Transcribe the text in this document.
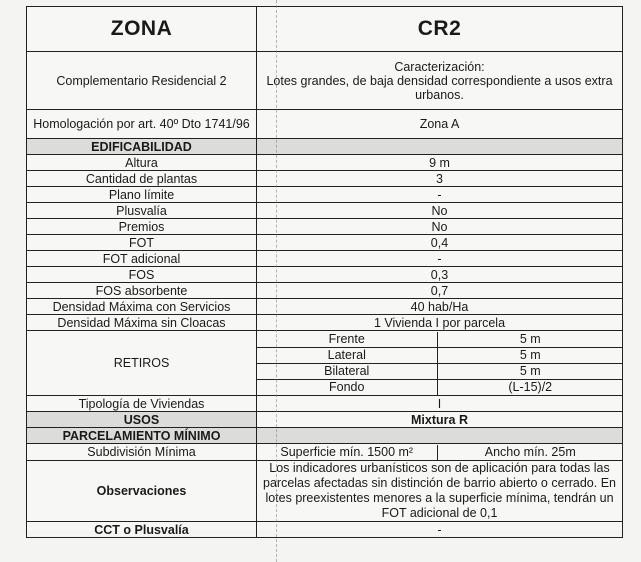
ZONA	CR2
Complementario Residencial 2	Caracterización:
Lotes grandes, de baja densidad correspondiente a usos extra urbanos.
Homologación por art. 40º Dto 1741/96	Zona A
EDIFICABILIDAD	
Altura	9 m
Cantidad de plantas	3
Plano límite	-
Plusvalía	No
Premios	No
FOT	0,4
FOT adicional	-
FOS	0,3
FOS absorbente	0,7
Densidad Máxima con Servicios	40 hab/Ha
Densidad Máxima sin Cloacas	1 Vivienda I por parcela
RETIROS	
Frente	5 m
Lateral	5 m
Bilateral	5 m
Fondo	(L-15)/2

Tipología de Viviendas	I
USOS	Mixtura R
PARCELAMIENTO MÍNIMO	
Subdivisión Mínima		Superficie mín. 1500 m²	Ancho mín. 25m

Observaciones	Los indicadores urbanísticos son de aplicación para todas las parcelas afectadas sin distinción de barrio abierto o cerrado. En lotes preexistentes menores a la superficie mínima, tendrán un FOT adicional de 0,1
CCT o Plusvalía	-
